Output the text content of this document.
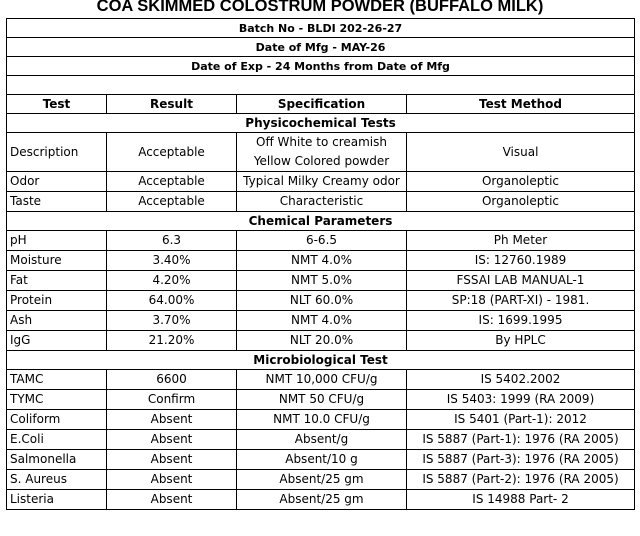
COA SKIMMED COLOSTRUM POWDER (BUFFALO MILK)
Batch No - BLDI 202-26-27			
Date of Mfg - MAY-26			
Date of Exp - 24 Months from Date of Mfg			

Test	Result	Specification	Test Method
Physicochemical Tests			
Description	Acceptable	Off White to creamish Yellow Colored powder	Visual
Odor	Acceptable	Typical Milky Creamy odor	Organoleptic
Taste	Acceptable	Characteristic	Organoleptic
Chemical Parameters			
pH	6.3	6-6.5	Ph Meter
Moisture	3.40%	NMT 4.0%	IS: 12760.1989
Fat	4.20%	NMT 5.0%	FSSAI LAB MANUAL-1
Protein	64.00%	NLT 60.0%	SP:18 (PART-XI) - 1981.
Ash	3.70%	NMT 4.0%	IS: 1699.1995
IgG	21.20%	NLT 20.0%	By HPLC
Microbiological Test			
TAMC	6600	NMT 10,000 CFU/g	IS 5402.2002
TYMC	Confirm	NMT 50 CFU/g	IS 5403: 1999 (RA 2009)
Coliform	Absent	NMT 10.0 CFU/g	IS 5401 (Part-1): 2012
E.Coli	Absent	Absent/g	IS 5887 (Part-1): 1976 (RA 2005)
Salmonella	Absent	Absent/10 g	IS 5887 (Part-3): 1976 (RA 2005)
S. Aureus	Absent	Absent/25 gm	IS 5887 (Part-2): 1976 (RA 2005)
Listeria	Absent	Absent/25 gm	IS 14988 Part- 2
